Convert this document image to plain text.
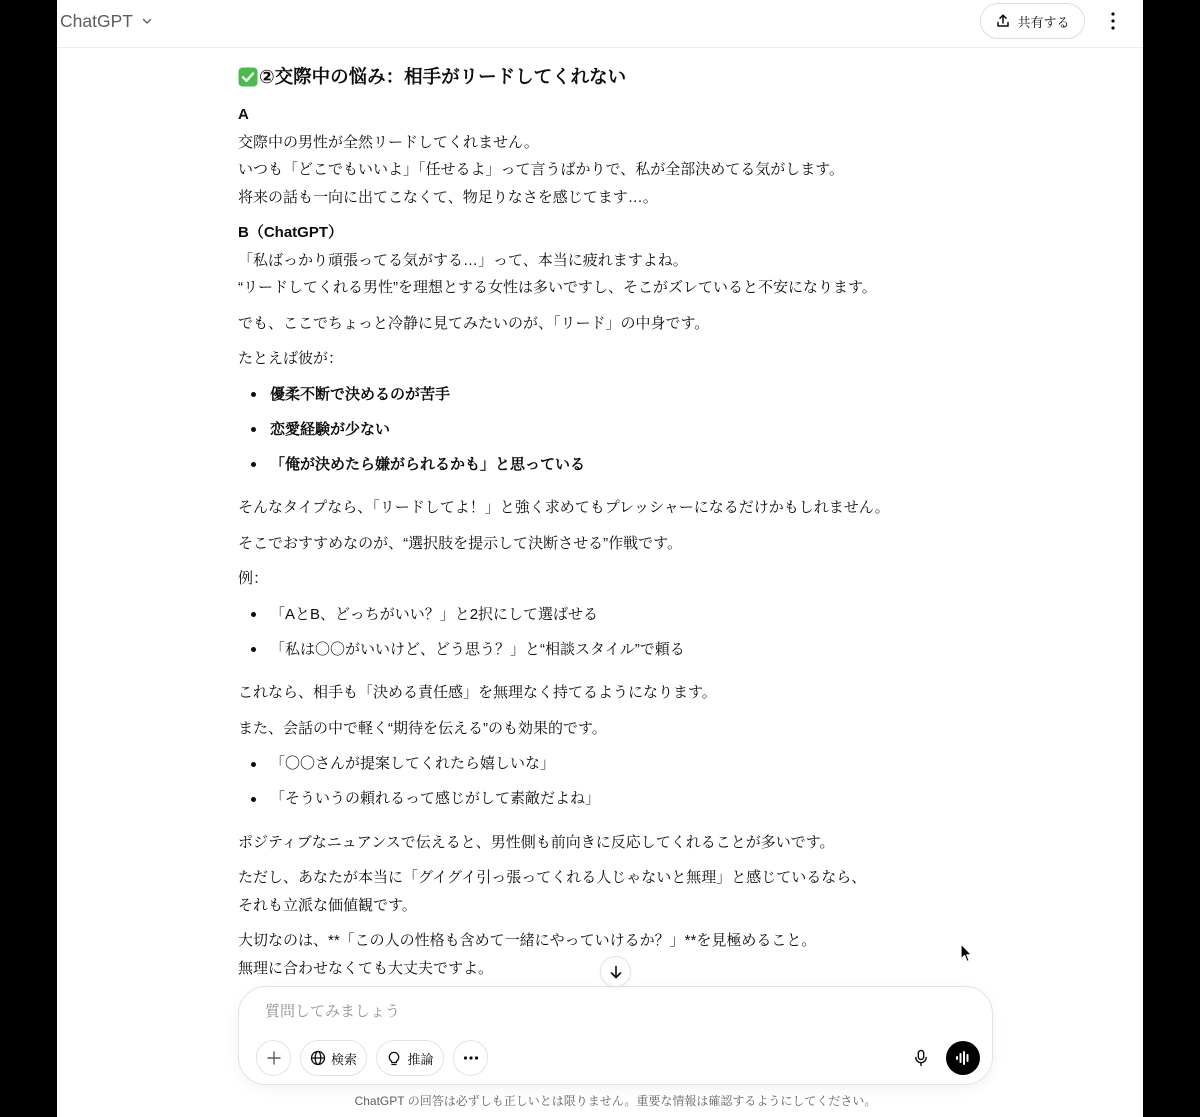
ChatGPT	共有する
②交際中の悩み：相手がリードしてくれない
A
交際中の男性が全然リードしてくれません。
いつも「どこでもいいよ」「任せるよ」って言うばかりで、私が全部決めてる気がします。
将来の話も一向に出てこなくて、物足りなさを感じてます…。
B（ChatGPT）
「私ばっかり頑張ってる気がする…」って、本当に疲れますよね。
“リードしてくれる男性”を理想とする女性は多いですし、そこがズレていると不安になります。
でも、ここでちょっと冷静に見てみたいのが、「リード」の中身です。
たとえば彼が：
優柔不断で決めるのが苦手
恋愛経験が少ない
「俺が決めたら嫌がられるかも」と思っている
そんなタイプなら、「リードしてよ！」と強く求めてもプレッシャーになるだけかもしれません。
そこでおすすめなのが、“選択肢を提示して決断させる”作戦です。
例：
「AとB、どっちがいい？」と2択にして選ばせる
「私は〇〇がいいけど、どう思う？」と“相談スタイル”で頼る
これなら、相手も「決める責任感」を無理なく持てるようになります。
また、会話の中で軽く“期待を伝える”のも効果的です。
「〇〇さんが提案してくれたら嬉しいな」
「そういうの頼れるって感じがして素敵だよね」
ポジティブなニュアンスで伝えると、男性側も前向きに反応してくれることが多いです。
ただし、あなたが本当に「グイグイ引っ張ってくれる人じゃないと無理」と感じているなら、
それも立派な価値観です。
大切なのは、**「この人の性格も含めて一緒にやっていけるか？」**を見極めること。
無理に合わせなくても大丈夫ですよ。
質問してみましょう
検索	推論
ChatGPT の回答は必ずしも正しいとは限りません。重要な情報は確認するようにしてください。
